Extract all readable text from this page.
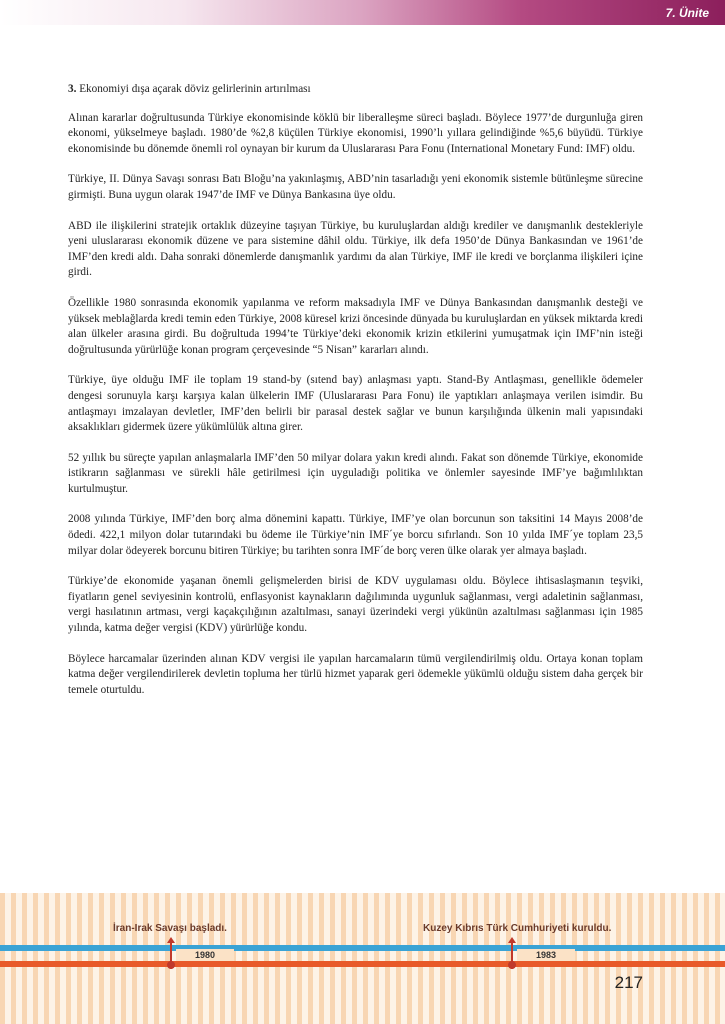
7. Ünite
3. Ekonomiyi dışa açarak döviz gelirlerinin artırılması

Alınan kararlar doğrultusunda Türkiye ekonomisinde köklü bir liberalleşme süreci başladı. Böylece 1977’de durgunluğa giren ekonomi, yükselmeye başladı. 1980’de %2,8 küçülen Türkiye ekonomisi, 1990’lı yıllara gelindiğinde %5,6 büyüdü. Türkiye ekonomisinde bu dönemde önemli rol oynayan bir kurum da Uluslararası Para Fonu (International Monetary Fund: IMF) oldu.

Türkiye, II. Dünya Savaşı sonrası Batı Bloğu’na yakınlaşmış, ABD’nin tasarladığı yeni ekonomik sistemle bütünleşme sürecine girmişti. Buna uygun olarak 1947’de IMF ve Dünya Bankasına üye oldu.

ABD ile ilişkilerini stratejik ortaklık düzeyine taşıyan Türkiye, bu kuruluşlardan aldığı krediler ve danışmanlık destekleriyle yeni uluslararası ekonomik düzene ve para sistemine dâhil oldu. Türkiye, ilk defa 1950’de Dünya Bankasından ve 1961’de IMF’den kredi aldı. Daha sonraki dönemlerde danışmanlık yardımı da alan Türkiye, IMF ile kredi ve borçlanma ilişkileri içine girdi.

Özellikle 1980 sonrasında ekonomik yapılanma ve reform maksadıyla IMF ve Dünya Bankasından danışmanlık desteği ve yüksek meblağlarda kredi temin eden Türkiye, 2008 küresel krizi öncesinde dünyada bu kuruluşlardan en yüksek miktarda kredi alan ülkeler arasına girdi. Bu doğrultuda 1994’te Türkiye’deki ekonomik krizin etkilerini yumuşatmak için IMF’nin isteği doğrultusunda yürürlüğe konan program çerçevesinde “5 Nisan” kararları alındı.

Türkiye, üye olduğu IMF ile toplam 19 stand-by (sıtend bay) anlaşması yaptı. Stand-By Antlaşması, genellikle ödemeler dengesi sorunuyla karşı karşıya kalan ülkelerin IMF (Uluslararası Para Fonu) ile yaptıkları anlaşmaya verilen isimdir. Bu antlaşmayı imzalayan devletler, IMF’den belirli bir parasal destek sağlar ve bunun karşılığında ülkenin mali yapısındaki aksaklıkları gidermek üzere yükümlülük altına girer.

52 yıllık bu süreçte yapılan anlaşmalarla IMF’den 50 milyar dolara yakın kredi alındı. Fakat son dönemde Türkiye, ekonomide istikrarın sağlanması ve sürekli hâle getirilmesi için uyguladığı politika ve önlemler sayesinde IMF’ye bağımlılıktan kurtulmuştur.

2008 yılında Türkiye, IMF’den borç alma dönemini kapattı. Türkiye, IMF’ye olan borcunun son taksitini 14 Mayıs 2008’de ödedi. 422,1 milyon dolar tutarındaki bu ödeme ile Türkiye’nin IMF´ye borcu sıfırlandı. Son 10 yılda IMF´ye toplam 23,5 milyar dolar ödeyerek borcunu bitiren Türkiye; bu tarihten sonra IMF´de borç veren ülke olarak yer almaya başladı.

Türkiye’de ekonomide yaşanan önemli gelişmelerden birisi de KDV uygulaması oldu. Böylece ihtisaslaşmanın teşviki, fiyatların genel seviyesinin kontrolü, enflasyonist kaynakların dağılımında uygunluk sağlanması, vergi adaletinin sağlanması, vergi hasılatının artması, vergi kaçakçılığının azaltılması, sanayi üzerindeki vergi yükünün azaltılması sağlanması için 1985 yılında, katma değer vergisi (KDV) yürürlüğe kondu.

Böylece harcamalar üzerinden alınan KDV vergisi ile yapılan harcamaların tümü vergilendirilmiş oldu. Ortaya konan toplam katma değer vergilendirilerek devletin topluma her türlü hizmet yaparak geri ödemekle yükümlü olduğu sistem daha gerçek bir temele oturtuldu.

İran-Irak Savaşı başladı.	Kuzey Kıbrıs Türk Cumhuriyeti kuruldu.
1980	1983
217
